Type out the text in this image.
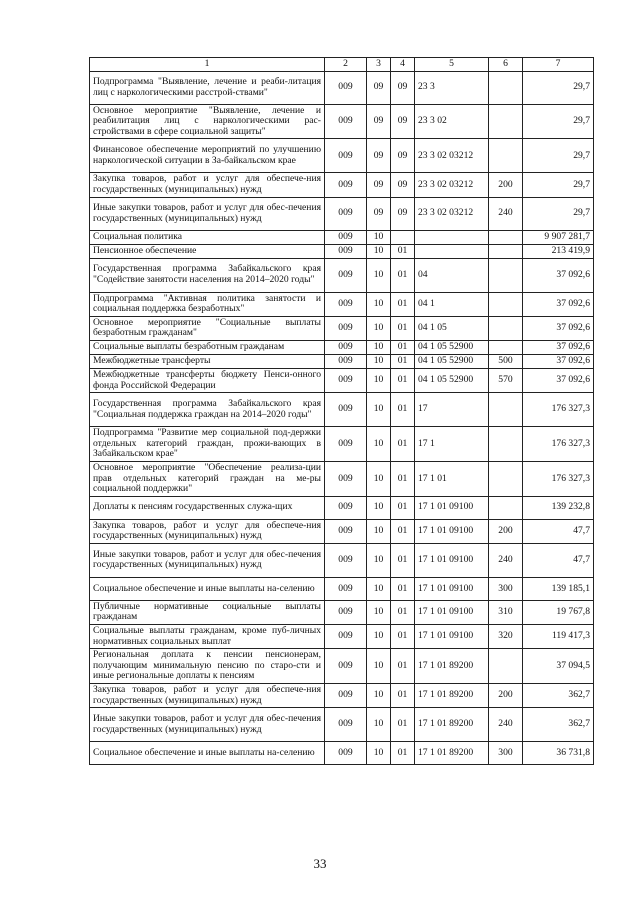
1	2	3	4	5	6	7
Подпрограмма "Выявление, лечение и реаби-литация лиц с наркологическими расстрой-ствами"	009	09	09	23 3		29,7
Основное мероприятие "Выявление, лечение и реабилитация лиц с наркологическими рас-стройствами в сфере социальной защиты"	009	09	09	23 3 02		29,7
Финансовое обеспечение мероприятий по улучшению наркологической ситуации в За-байкальском крае	009	09	09	23 3 02 03212		29,7
Закупка товаров, работ и услуг для обеспече-ния государственных (муниципальных) нужд	009	09	09	23 3 02 03212	200	29,7
Иные закупки товаров, работ и услуг для обес-печения государственных (муниципальных) нужд	009	09	09	23 3 02 03212	240	29,7
Социальная политика	009	10				9 907 281,7
Пенсионное обеспечение	009	10	01			213 419,9
Государственная программа Забайкальского края "Содействие занятости населения на 2014–2020 годы"	009	10	01	04		37 092,6
Подпрограмма "Активная политика занятости и социальная поддержка безработных"	009	10	01	04 1		37 092,6
Основное мероприятие "Социальные выплаты безработным гражданам"	009	10	01	04 1 05		37 092,6
Социальные выплаты безработным гражданам	009	10	01	04 1 05 52900		37 092,6
Межбюджетные трансферты	009	10	01	04 1 05 52900	500	37 092,6
Межбюджетные трансферты бюджету Пенси-онного фонда Российской Федерации	009	10	01	04 1 05 52900	570	37 092,6
Государственная программа Забайкальского края "Социальная поддержка граждан на 2014–2020 годы"	009	10	01	17		176 327,3
Подпрограмма "Развитие мер социальной под-держки отдельных категорий граждан, прожи-вающих в Забайкальском крае"	009	10	01	17 1		176 327,3
Основное мероприятие "Обеспечение реализа-ции прав отдельных категорий граждан на ме-ры социальной поддержки"	009	10	01	17 1 01		176 327,3
Доплаты к пенсиям государственных служа-щих	009	10	01	17 1 01 09100		139 232,8
Закупка товаров, работ и услуг для обеспече-ния государственных (муниципальных) нужд	009	10	01	17 1 01 09100	200	47,7
Иные закупки товаров, работ и услуг для обес-печения государственных (муниципальных) нужд	009	10	01	17 1 01 09100	240	47,7
Социальное обеспечение и иные выплаты на-селению	009	10	01	17 1 01 09100	300	139 185,1
Публичные нормативные социальные выплаты гражданам	009	10	01	17 1 01 09100	310	19 767,8
Социальные выплаты гражданам, кроме пуб-личных нормативных социальных выплат	009	10	01	17 1 01 09100	320	119 417,3
Региональная доплата к пенсии пенсионерам, получающим минимальную пенсию по старо-сти и иные региональные доплаты к пенсиям	009	10	01	17 1 01 89200		37 094,5
Закупка товаров, работ и услуг для обеспече-ния государственных (муниципальных) нужд	009	10	01	17 1 01 89200	200	362,7
Иные закупки товаров, работ и услуг для обес-печения государственных (муниципальных) нужд	009	10	01	17 1 01 89200	240	362,7
Социальное обеспечение и иные выплаты на-селению	009	10	01	17 1 01 89200	300	36 731,8
33
